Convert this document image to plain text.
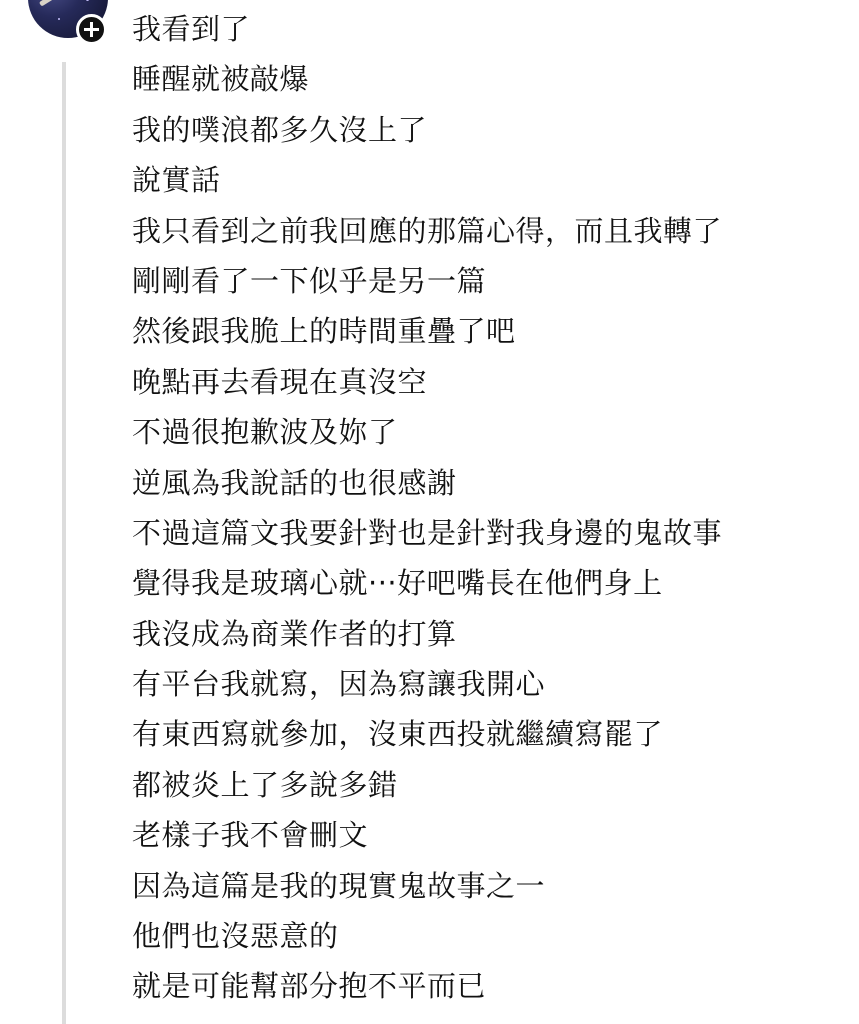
我看到了
睡醒就被敲爆
我的噗浪都多久沒上了
說實話
我只看到之前我回應的那篇心得，而且我轉了
剛剛看了一下似乎是另一篇
然後跟我脆上的時間重疊了吧
晚點再去看現在真沒空
不過很抱歉波及妳了
逆風為我說話的也很感謝
不過這篇文我要針對也是針對我身邊的鬼故事
覺得我是玻璃心就···好吧嘴長在他們身上
我沒成為商業作者的打算
有平台我就寫，因為寫讓我開心
有東西寫就參加，沒東西投就繼續寫罷了
都被炎上了多說多錯
老樣子我不會刪文
因為這篇是我的現實鬼故事之一
他們也沒惡意的
就是可能幫部分抱不平而已
